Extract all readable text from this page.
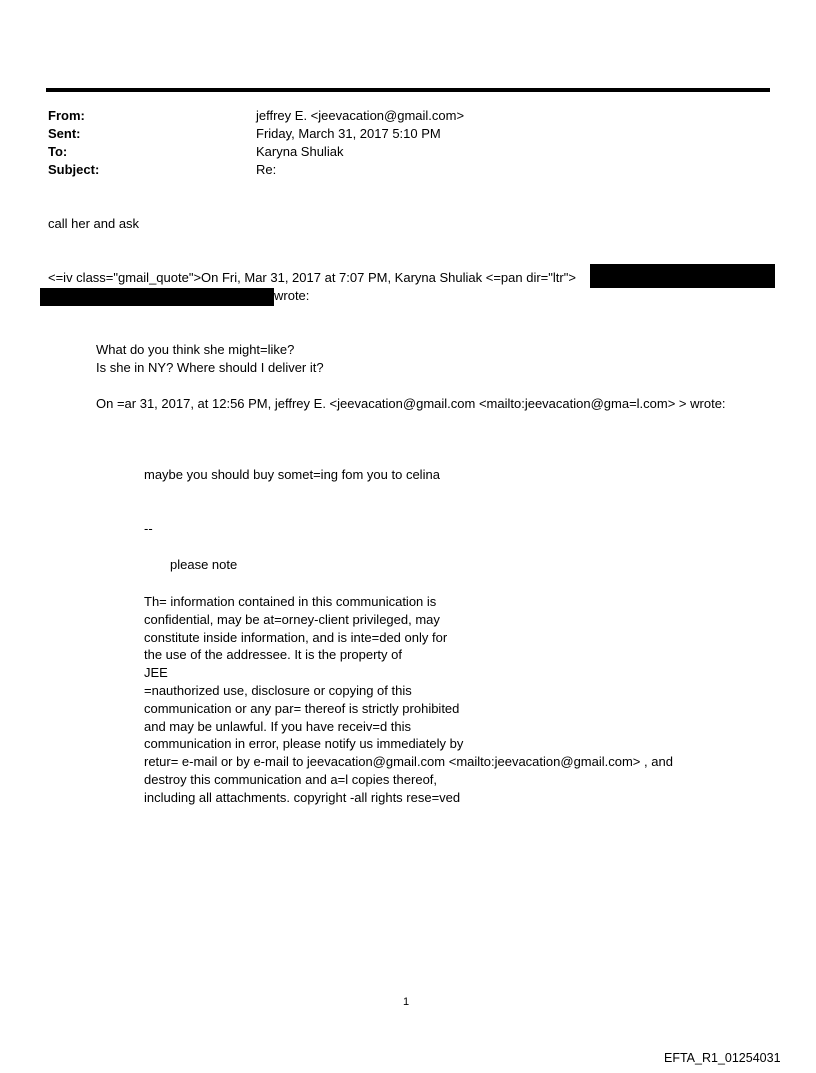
From:	jeffrey E. <jeevacation@gmail.com>
Sent:	Friday, March 31, 2017 5:10 PM
To:	Karyna Shuliak
Subject:	Re:
call her and ask
<=iv class="gmail_quote">On Fri, Mar 31, 2017 at 7:07 PM, Karyna Shuliak <=pan dir="ltr">
wrote:
What do you think she might=like?
Is she in NY? Where should I deliver it?
On =ar 31, 2017, at 12:56 PM, jeffrey E. <jeevacation@gmail.com <mailto:jeevacation@gma=l.com> > wrote:
maybe you should buy somet=ing fom you to celina
--
please note
Th= information contained in this communication is
confidential, may be at=orney-client privileged, may
constitute inside information, and is inte=ded only for
the use of the addressee. It is the property of
JEE
=nauthorized use, disclosure or copying of this
communication or any par= thereof is strictly prohibited
and may be unlawful. If you have receiv=d this
communication in error, please notify us immediately by
retur= e-mail or by e-mail to jeevacation@gmail.com <mailto:jeevacation@gmail.com> , and
destroy this communication and a=l copies thereof,
including all attachments. copyright -all rights rese=ved
1
EFTA_R1_01254031
